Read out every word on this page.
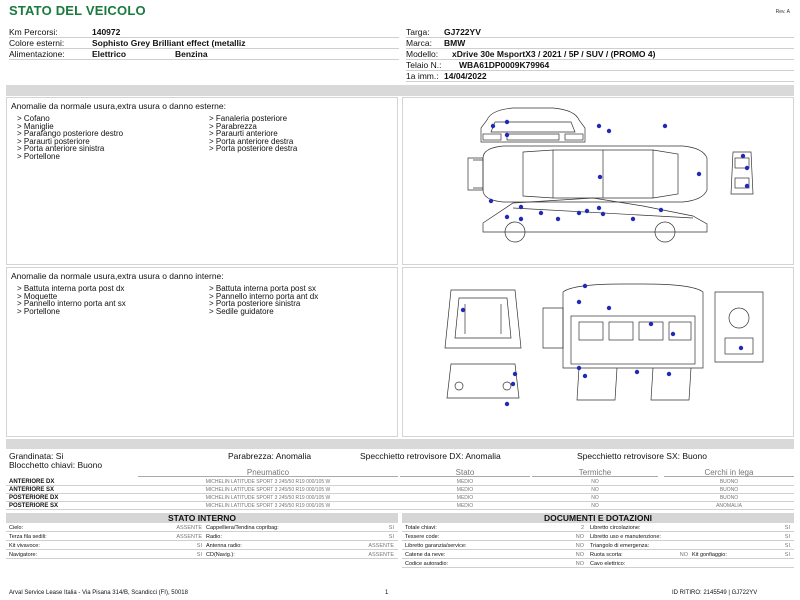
STATO DEL VEICOLO	Rev. A
Km Percorsi:	140972
Colore esterni:	Sophisto Grey Brilliant effect (metalliz
Alimentazione:	Elettrico	Benzina
Targa: GJ722YV
Marca: BMW
Modello: xDrive 30e MsportX3 / 2021 / 5P / SUV / (PROMO 4)
Telaio N.: WBA61DP0009K79964
1a imm.: 14/04/2022
Anomalie da normale usura,extra usura o danno esterne:
> Cofano
> Maniglie
> Parafango posteriore destro
> Paraurti posteriore
> Porta anteriore sinistra
> Portellone
> Fanaleria posteriore
> Parabrezza
> Paraurti anteriore
> Porta anteriore destra
> Porta posteriore destra
Anomalie da normale usura,extra usura o danno interne:
> Battuta interna porta post dx
> Moquette
> Pannello interno porta ant sx
> Portellone
> Battuta interna porta post sx
> Pannello interno porta ant dx
> Porta posteriore sinistra
> Sedile guidatore
Grandinata: Si	Parabrezza: Anomalia	Specchietto retrovisore DX: Anomalia	Specchietto retrovisore SX: Buono
Blocchetto chiavi: Buono
Pneumatico	Stato	Termiche	Cerchi in lega
ANTERIORE DX	MICHELIN LATITUDE SPORT 3 245/50 R19 000/105 W	MEDIO	NO	BUONO
ANTERIORE SX	MICHELIN LATITUDE SPORT 3 245/50 R19 000/105 W	MEDIO	NO	BUONO
POSTERIORE DX	MICHELIN LATITUDE SPORT 3 245/50 R19 000/105 W	MEDIO	NO	BUONO
POSTERIORE SX	MICHELIN LATITUDE SPORT 3 245/50 R19 000/105 W	MEDIO	NO	ANOMALIA
STATO INTERNO
Cielo:	ASSENTE Cappelliera/Tendina copribag:	SI
Terza fila sedili:	ASSENTE Radio:	SI
Kit vivavoce:	SI Antenna radio:	ASSENTE
Navigatore:	SI CD(Navig.):	ASSENTE
DOCUMENTI E DOTAZIONI
Totale chiavi:	2 Libretto circolazione:	SI
Tessere code:	NO Libretto uso e manutenzione:	SI
Libretto garanzia/service:	NO Triangolo di emergenza:	SI
Catene da neve:	NO Ruota scorta:	NO Kit gonfiaggio:	SI
Codice autoradio:	NO Cavo elettrico:
Arval Service Lease Italia - Via Pisana 314/B, Scandicci (FI), 50018	1	ID RITIRO: 2145549 | GJ722YV
